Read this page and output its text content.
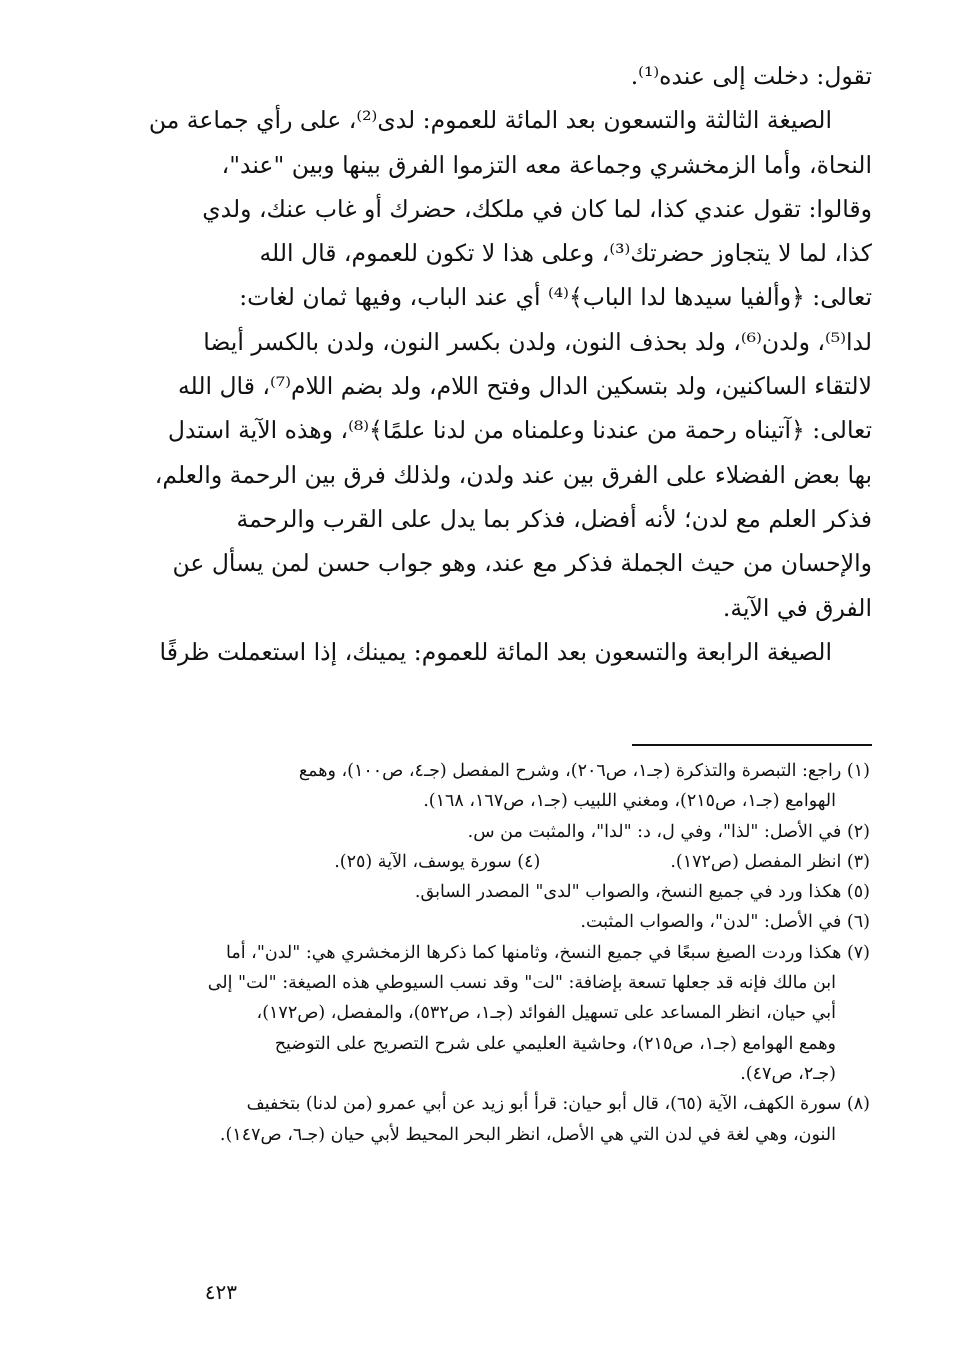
تقول: دخلت إلى عنده⁽¹⁾.

الصيغة الثالثة والتسعون بعد المائة للعموم: لدى⁽²⁾، على رأي جماعة من

النحاة، وأما الزمخشري وجماعة معه التزموا الفرق بينها وبين "عند"،

وقالوا: تقول عندي كذا، لما كان في ملكك، حضرك أو غاب عنك، ولدي

كذا، لما لا يتجاوز حضرتك⁽³⁾، وعلى هذا لا تكون للعموم، قال الله

تعالى: ﴿وألفيا سيدها لدا الباب﴾⁽⁴⁾ أي عند الباب، وفيها ثمان لغات:

لدا⁽⁵⁾، ولدن⁽⁶⁾، ولد بحذف النون، ولدن بكسر النون، ولدن بالكسر أيضا

لالتقاء الساكنين، ولد بتسكين الدال وفتح اللام، ولد بضم اللام⁽⁷⁾، قال الله

تعالى: ﴿آتيناه رحمة من عندنا وعلمناه من لدنا علمًا﴾⁽⁸⁾، وهذه الآية استدل

بها بعض الفضلاء على الفرق بين عند ولدن، ولذلك فرق بين الرحمة والعلم،

فذكر العلم مع لدن؛ لأنه أفضل، فذكر بما يدل على القرب والرحمة

والإحسان من حيث الجملة فذكر مع عند، وهو جواب حسن لمن يسأل عن

الفرق في الآية.

الصيغة الرابعة والتسعون بعد المائة للعموم: يمينك، إذا استعملت ظرفًا

(١) راجع: التبصرة والتذكرة (جـ١، ص٢٠٦)، وشرح المفصل (جـ٤، ص١٠٠)، وهمع

الهوامع (جـ١، ص٢١٥)، ومغني اللبيب (جـ١، ص١٦٧، ١٦٨).

(٢) في الأصل: "لذا"، وفي ل، د: "لدا"، والمثبت من س.

(٣) انظر المفصل (ص١٧٢).
(٤) سورة يوسف، الآية (٢٥).

(٥) هكذا ورد في جميع النسخ، والصواب "لدى" المصدر السابق.

(٦) في الأصل: "لدن"، والصواب المثبت.

(٧) هكذا وردت الصيغ سبعًا في جميع النسخ، وثامنها كما ذكرها الزمخشري هي: "لدن"، أما

ابن مالك فإنه قد جعلها تسعة بإضافة: "لت" وقد نسب السيوطي هذه الصيغة: "لت" إلى

أبي حيان، انظر المساعد على تسهيل الفوائد (جـ١، ص٥٣٢)، والمفصل، (ص١٧٢)،

وهمع الهوامع (جـ١، ص٢١٥)، وحاشية العليمي على شرح التصريح على التوضيح

(جـ٢، ص٤٧).

(٨) سورة الكهف، الآية (٦٥)، قال أبو حيان: قرأ أبو زيد عن أبي عمرو (من لدنا) بتخفيف

النون، وهي لغة في لدن التي هي الأصل، انظر البحر المحيط لأبي حيان (جـ٦، ص١٤٧).

٤٢٣
